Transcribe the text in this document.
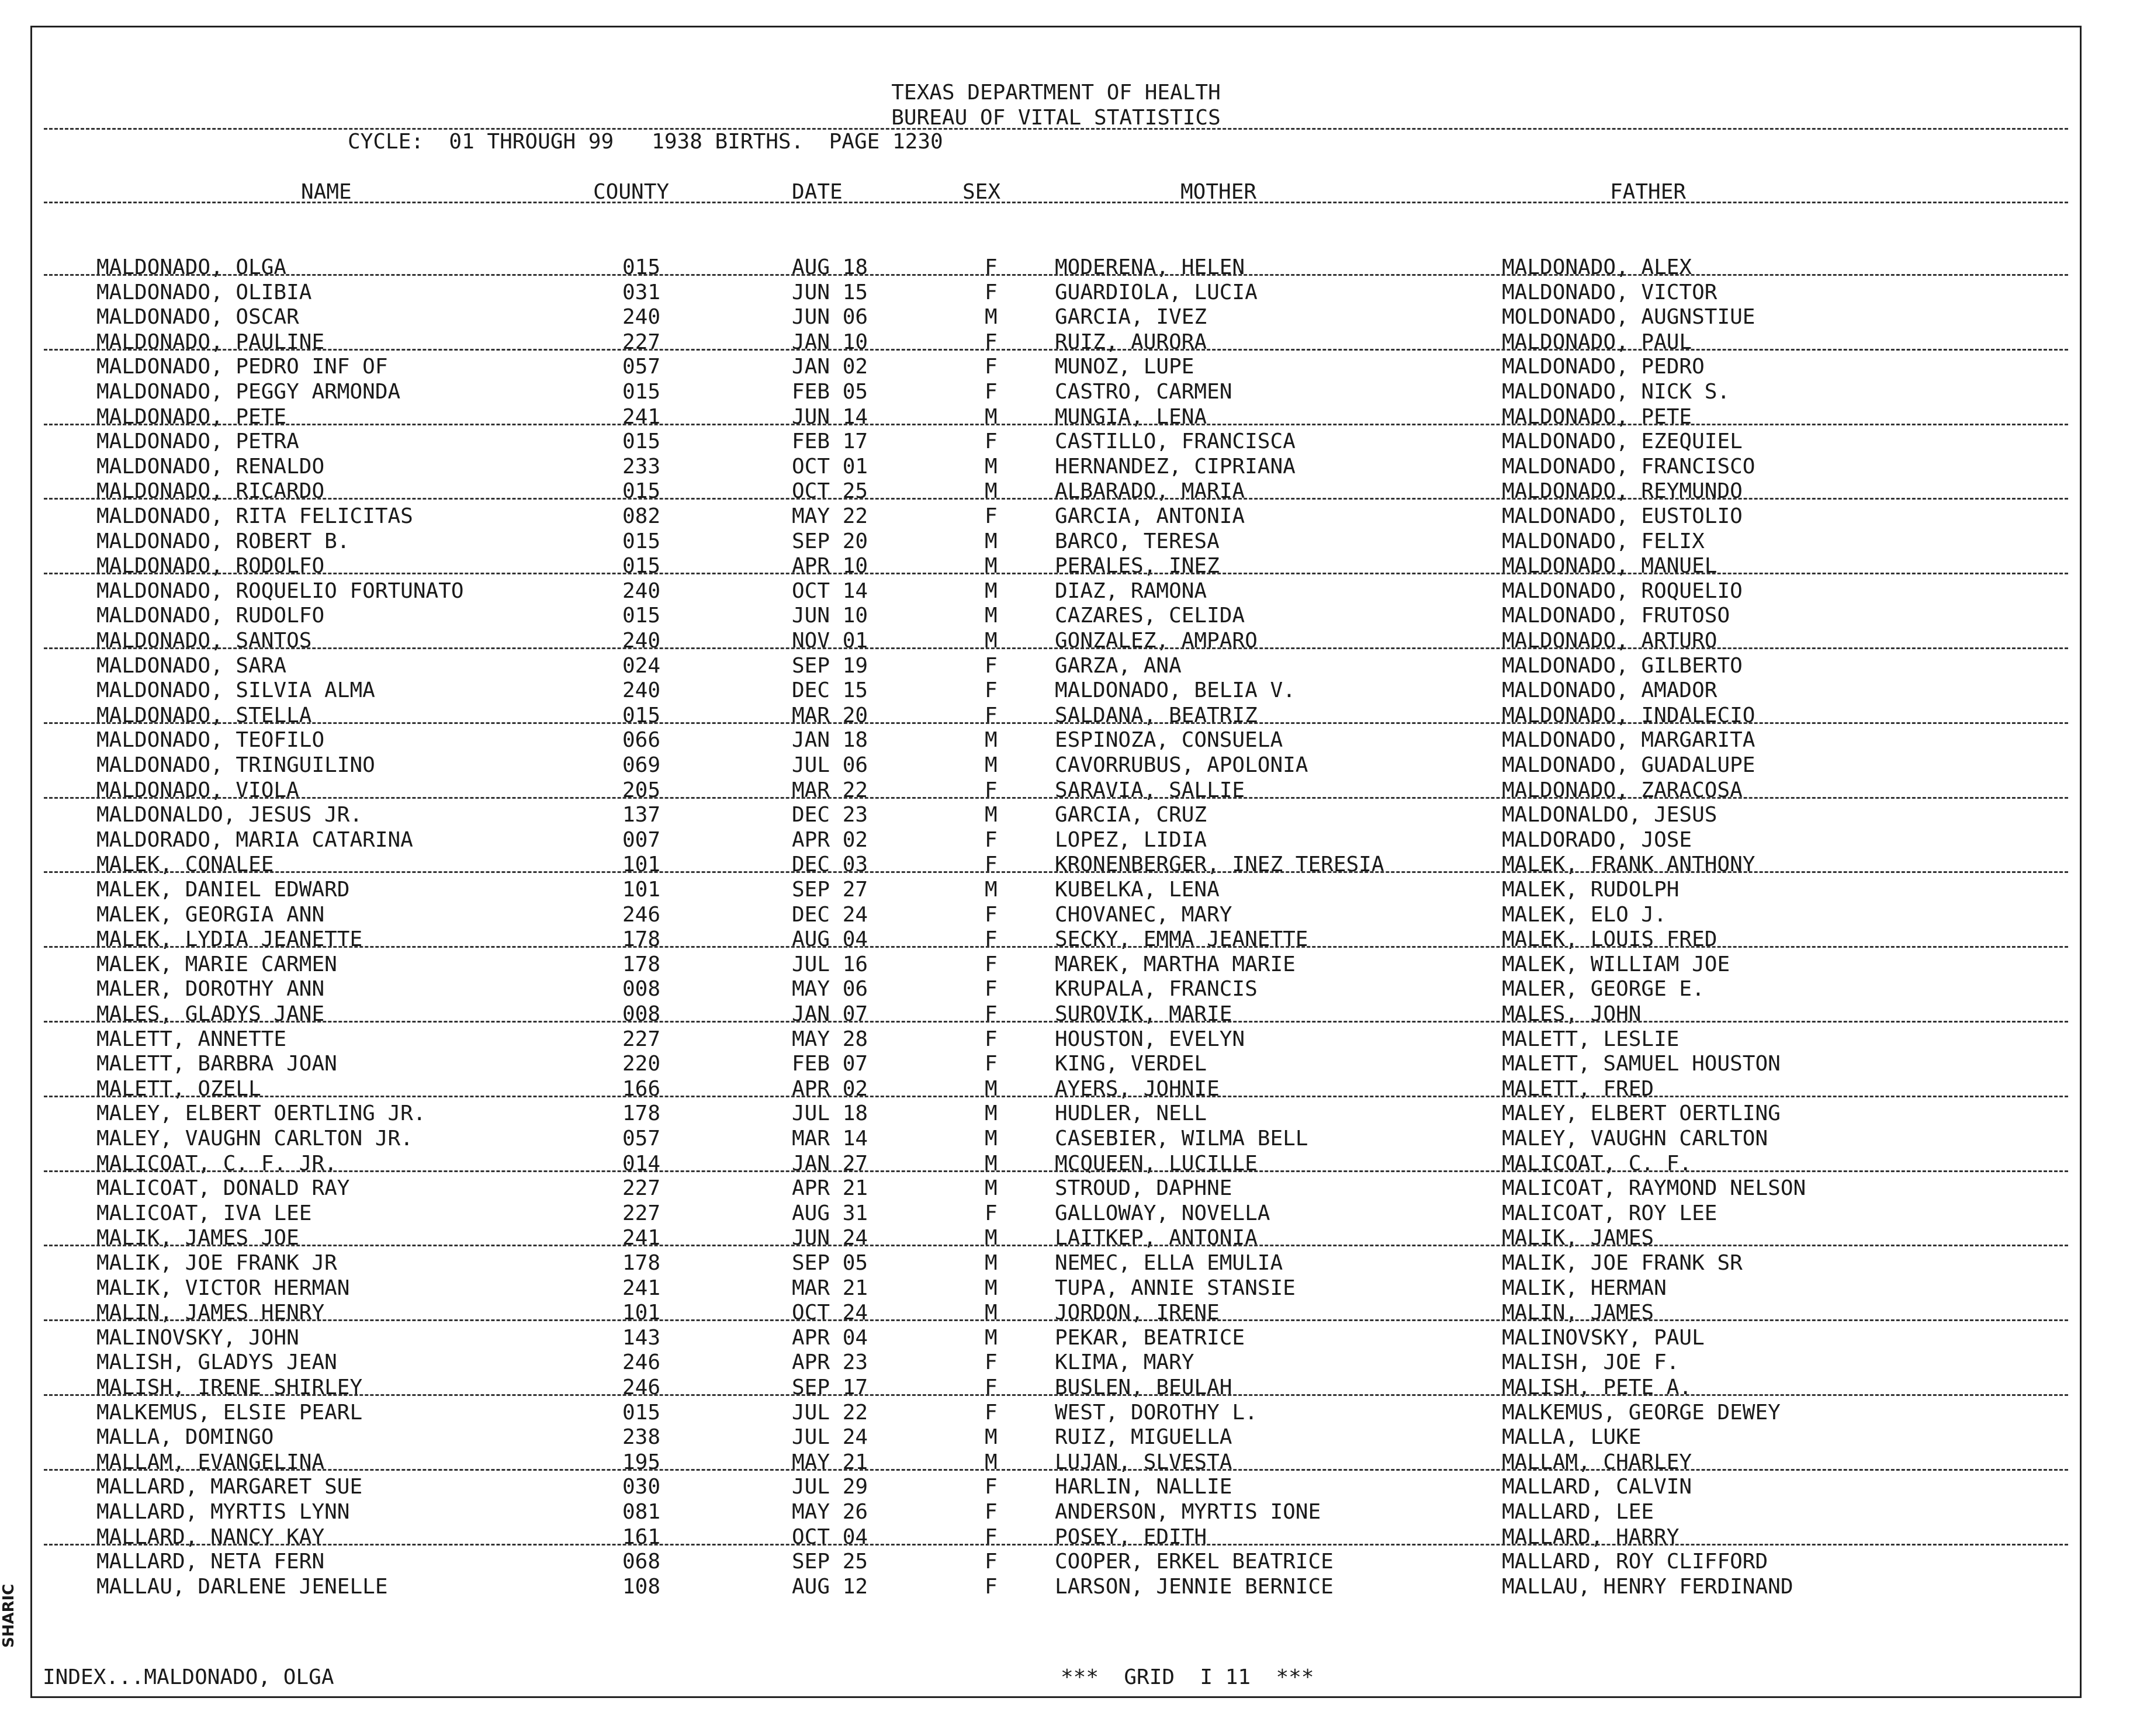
TEXAS DEPARTMENT OF HEALTH
BUREAU OF VITAL STATISTICS
CYCLE:  01 THROUGH 99   1938 BIRTHS.  PAGE 1230
NAME	COUNTY	DATE	SEX	MOTHER	FATHER
MALDONADO, OLGA	015	AUG 18	F	MODERENA, HELEN	MALDONADO, ALEX
MALDONADO, OLIBIA	031	JUN 15	F	GUARDIOLA, LUCIA	MALDONADO, VICTOR
MALDONADO, OSCAR	240	JUN 06	M	GARCIA, IVEZ	MOLDONADO, AUGNSTIUE
MALDONADO, PAULINE	227	JAN 10	F	RUIZ, AURORA	MALDONADO, PAUL
MALDONADO, PEDRO INF OF	057	JAN 02	F	MUNOZ, LUPE	MALDONADO, PEDRO
MALDONADO, PEGGY ARMONDA	015	FEB 05	F	CASTRO, CARMEN	MALDONADO, NICK S.
MALDONADO, PETE	241	JUN 14	M	MUNGIA, LENA	MALDONADO, PETE
MALDONADO, PETRA	015	FEB 17	F	CASTILLO, FRANCISCA	MALDONADO, EZEQUIEL
MALDONADO, RENALDO	233	OCT 01	M	HERNANDEZ, CIPRIANA	MALDONADO, FRANCISCO
MALDONADO, RICARDO	015	OCT 25	M	ALBARADO, MARIA	MALDONADO, REYMUNDO
MALDONADO, RITA FELICITAS	082	MAY 22	F	GARCIA, ANTONIA	MALDONADO, EUSTOLIO
MALDONADO, ROBERT B.	015	SEP 20	M	BARCO, TERESA	MALDONADO, FELIX
MALDONADO, RODOLFO	015	APR 10	M	PERALES, INEZ	MALDONADO, MANUEL
MALDONADO, ROQUELIO FORTUNATO	240	OCT 14	M	DIAZ, RAMONA	MALDONADO, ROQUELIO
MALDONADO, RUDOLFO	015	JUN 10	M	CAZARES, CELIDA	MALDONADO, FRUTOSO
MALDONADO, SANTOS	240	NOV 01	M	GONZALEZ, AMPARO	MALDONADO, ARTURO
MALDONADO, SARA	024	SEP 19	F	GARZA, ANA	MALDONADO, GILBERTO
MALDONADO, SILVIA ALMA	240	DEC 15	F	MALDONADO, BELIA V.	MALDONADO, AMADOR
MALDONADO, STELLA	015	MAR 20	F	SALDANA, BEATRIZ	MALDONADO, INDALECIO
MALDONADO, TEOFILO	066	JAN 18	M	ESPINOZA, CONSUELA	MALDONADO, MARGARITA
MALDONADO, TRINGUILINO	069	JUL 06	M	CAVORRUBUS, APOLONIA	MALDONADO, GUADALUPE
MALDONADO, VIOLA	205	MAR 22	F	SARAVIA, SALLIE	MALDONADO, ZARACOSA
MALDONALDO, JESUS JR.	137	DEC 23	M	GARCIA, CRUZ	MALDONALDO, JESUS
MALDORADO, MARIA CATARINA	007	APR 02	F	LOPEZ, LIDIA	MALDORADO, JOSE
MALEK, CONALEE	101	DEC 03	F	KRONENBERGER, INEZ TERESIA	MALEK, FRANK ANTHONY
MALEK, DANIEL EDWARD	101	SEP 27	M	KUBELKA, LENA	MALEK, RUDOLPH
MALEK, GEORGIA ANN	246	DEC 24	F	CHOVANEC, MARY	MALEK, ELO J.
MALEK, LYDIA JEANETTE	178	AUG 04	F	SECKY, EMMA JEANETTE	MALEK, LOUIS FRED
MALEK, MARIE CARMEN	178	JUL 16	F	MAREK, MARTHA MARIE	MALEK, WILLIAM JOE
MALER, DOROTHY ANN	008	MAY 06	F	KRUPALA, FRANCIS	MALER, GEORGE E.
MALES, GLADYS JANE	008	JAN 07	F	SUROVIK, MARIE	MALES, JOHN
MALETT, ANNETTE	227	MAY 28	F	HOUSTON, EVELYN	MALETT, LESLIE
MALETT, BARBRA JOAN	220	FEB 07	F	KING, VERDEL	MALETT, SAMUEL HOUSTON
MALETT, OZELL	166	APR 02	M	AYERS, JOHNIE	MALETT, FRED
MALEY, ELBERT OERTLING JR.	178	JUL 18	M	HUDLER, NELL	MALEY, ELBERT OERTLING
MALEY, VAUGHN CARLTON JR.	057	MAR 14	M	CASEBIER, WILMA BELL	MALEY, VAUGHN CARLTON
MALICOAT, C. F. JR.	014	JAN 27	M	MCQUEEN, LUCILLE	MALICOAT, C. F.
MALICOAT, DONALD RAY	227	APR 21	M	STROUD, DAPHNE	MALICOAT, RAYMOND NELSON
MALICOAT, IVA LEE	227	AUG 31	F	GALLOWAY, NOVELLA	MALICOAT, ROY LEE
MALIK, JAMES JOE	241	JUN 24	M	LAITKEP, ANTONIA	MALIK, JAMES
MALIK, JOE FRANK JR	178	SEP 05	M	NEMEC, ELLA EMULIA	MALIK, JOE FRANK SR
MALIK, VICTOR HERMAN	241	MAR 21	M	TUPA, ANNIE STANSIE	MALIK, HERMAN
MALIN, JAMES HENRY	101	OCT 24	M	JORDON, IRENE	MALIN, JAMES
MALINOVSKY, JOHN	143	APR 04	M	PEKAR, BEATRICE	MALINOVSKY, PAUL
MALISH, GLADYS JEAN	246	APR 23	F	KLIMA, MARY	MALISH, JOE F.
MALISH, IRENE SHIRLEY	246	SEP 17	F	BUSLEN, BEULAH	MALISH, PETE A.
MALKEMUS, ELSIE PEARL	015	JUL 22	F	WEST, DOROTHY L.	MALKEMUS, GEORGE DEWEY
MALLA, DOMINGO	238	JUL 24	M	RUIZ, MIGUELLA	MALLA, LUKE
MALLAM, EVANGELINA	195	MAY 21	M	LUJAN, SLVESTA	MALLAM, CHARLEY
MALLARD, MARGARET SUE	030	JUL 29	F	HARLIN, NALLIE	MALLARD, CALVIN
MALLARD, MYRTIS LYNN	081	MAY 26	F	ANDERSON, MYRTIS IONE	MALLARD, LEE
MALLARD, NANCY KAY	161	OCT 04	F	POSEY, EDITH	MALLARD, HARRY
MALLARD, NETA FERN	068	SEP 25	F	COOPER, ERKEL BEATRICE	MALLARD, ROY CLIFFORD
MALLAU, DARLENE JENELLE	108	AUG 12	F	LARSON, JENNIE BERNICE	MALLAU, HENRY FERDINAND
INDEX...MALDONADO, OLGA	***  GRID  I 11  ***
SHARIC
